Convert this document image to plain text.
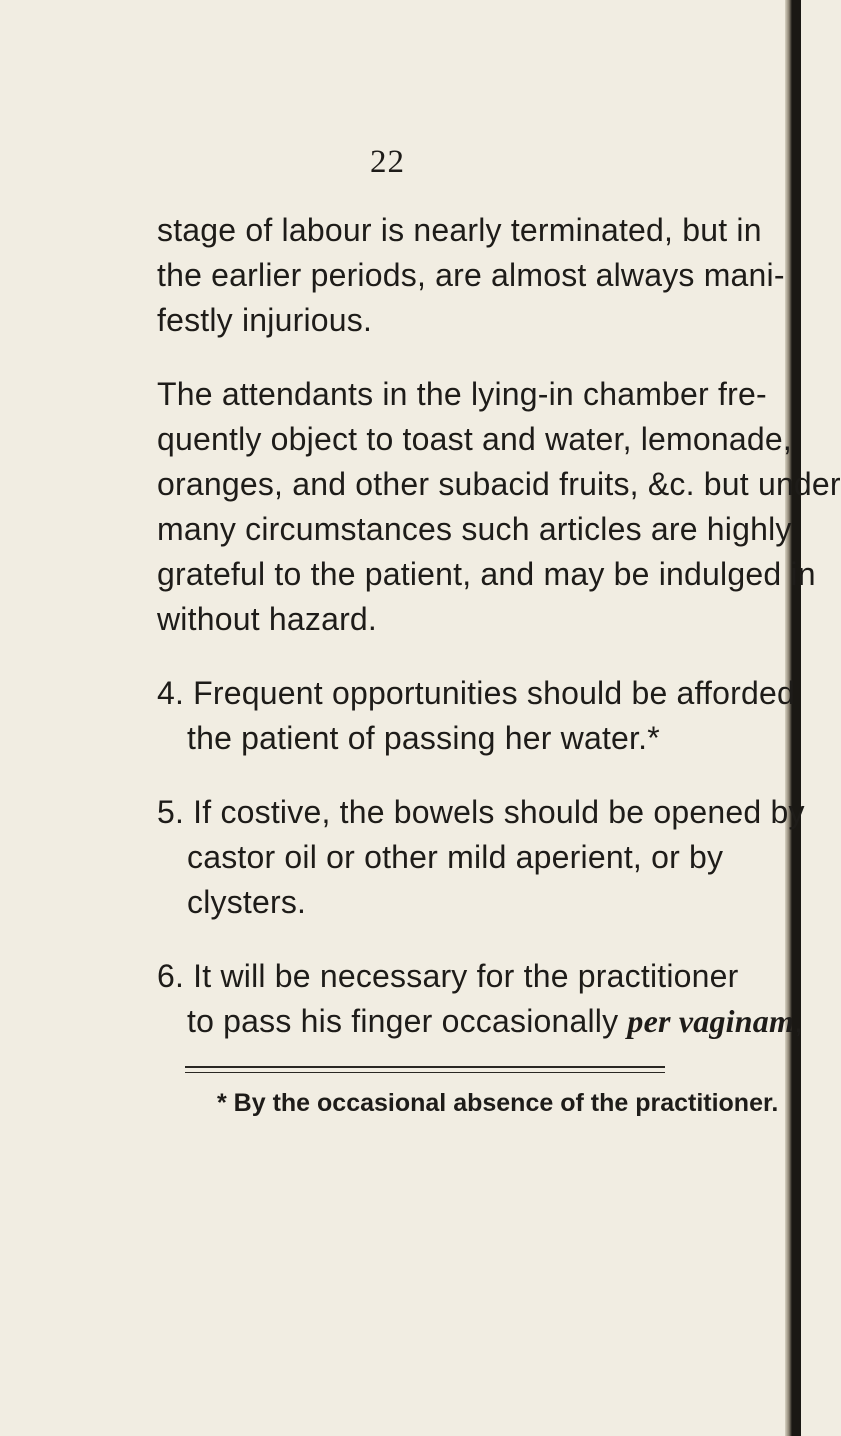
22

stage of labour is nearly terminated, but in

the earlier periods, are almost always mani-

festly injurious.

The attendants in the lying-in chamber fre-

quently object to toast and water, lemonade,

oranges, and other subacid fruits, &c. but under

many circumstances such articles are highly

grateful to the patient, and may be indulged in

without hazard.

4. Frequent opportunities should be afforded

the patient of passing her water.*

5. If costive, the bowels should be opened by

castor oil or other mild aperient, or by

clysters.

6. It will be necessary for the practitioner

to pass his finger occasionally per vaginam,

* By the occasional absence of the practitioner.
